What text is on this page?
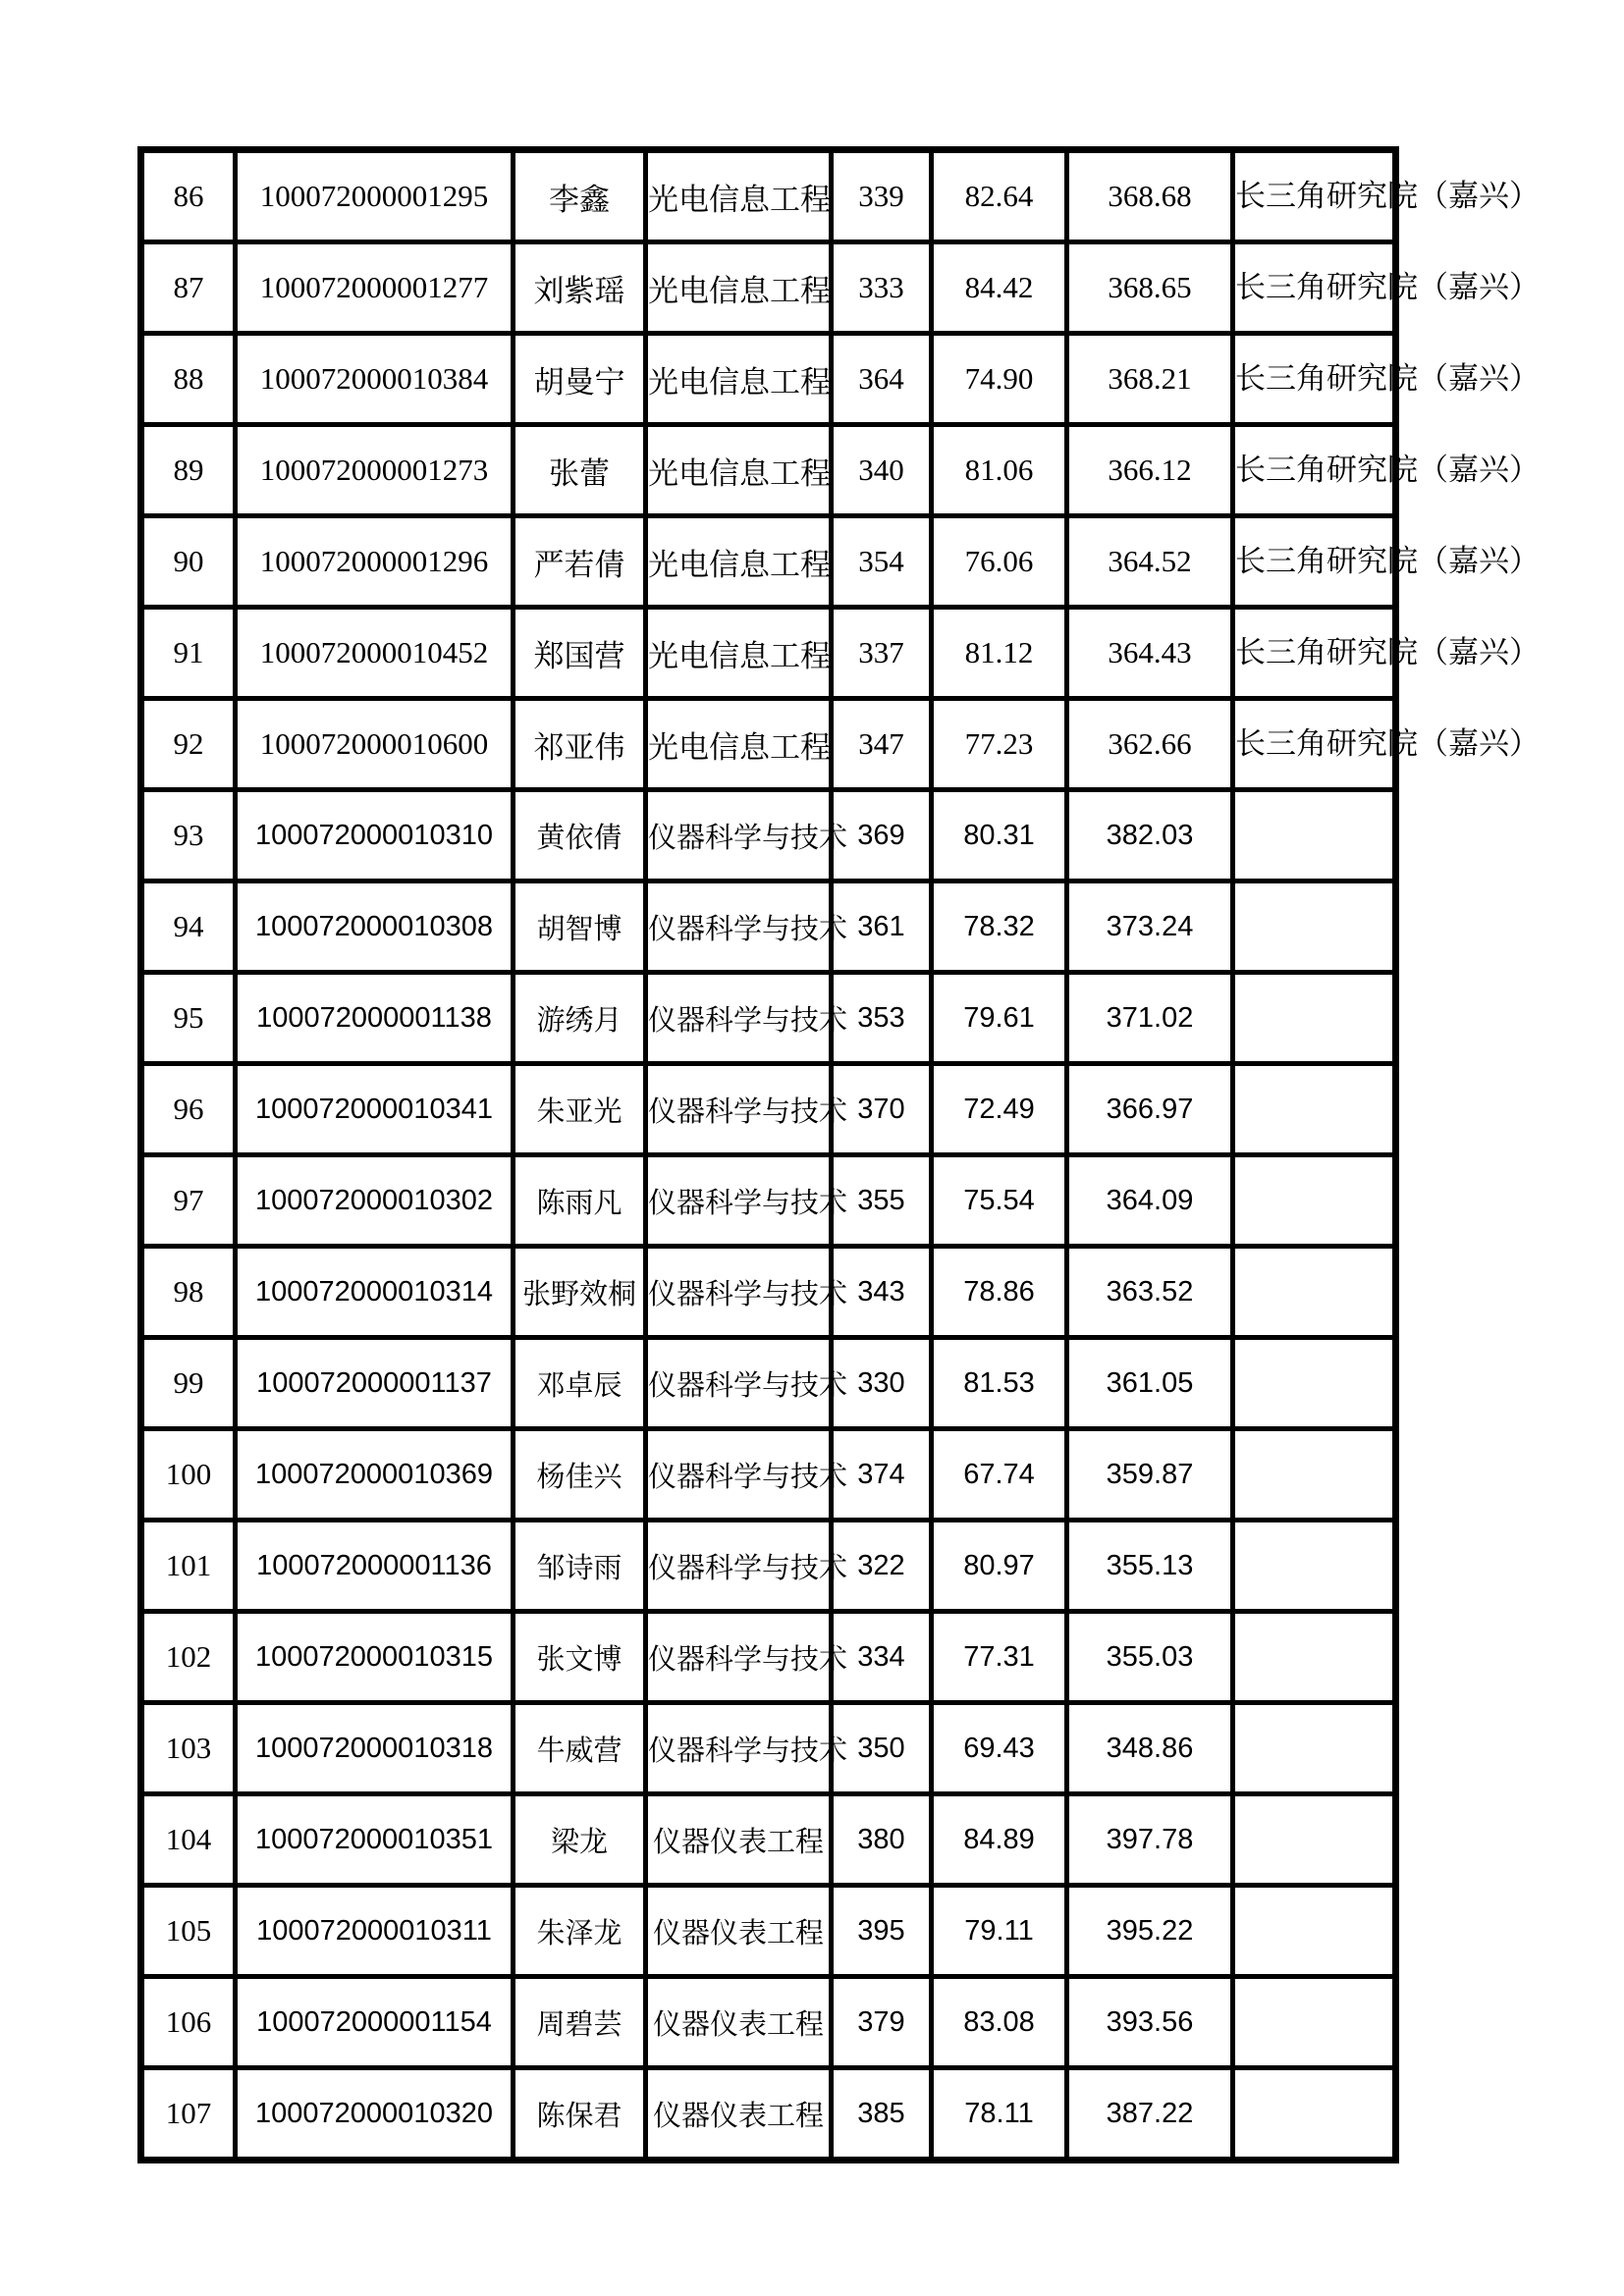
86	100072000001295	李鑫	光电信息工程	339	82.64	368.68	长三角研究院（嘉兴）
87	100072000001277	刘紫瑶	光电信息工程	333	84.42	368.65	长三角研究院（嘉兴）
88	100072000010384	胡曼宁	光电信息工程	364	74.90	368.21	长三角研究院（嘉兴）
89	100072000001273	张蕾	光电信息工程	340	81.06	366.12	长三角研究院（嘉兴）
90	100072000001296	严若倩	光电信息工程	354	76.06	364.52	长三角研究院（嘉兴）
91	100072000010452	郑国营	光电信息工程	337	81.12	364.43	长三角研究院（嘉兴）
92	100072000010600	祁亚伟	光电信息工程	347	77.23	362.66	长三角研究院（嘉兴）
93	100072000010310	黄依倩	仪器科学与技术	369	80.31	382.03	
94	100072000010308	胡智博	仪器科学与技术	361	78.32	373.24	
95	100072000001138	游绣月	仪器科学与技术	353	79.61	371.02	
96	100072000010341	朱亚光	仪器科学与技术	370	72.49	366.97	
97	100072000010302	陈雨凡	仪器科学与技术	355	75.54	364.09	
98	100072000010314	张野效桐	仪器科学与技术	343	78.86	363.52	
99	100072000001137	邓卓辰	仪器科学与技术	330	81.53	361.05	
100	100072000010369	杨佳兴	仪器科学与技术	374	67.74	359.87	
101	100072000001136	邹诗雨	仪器科学与技术	322	80.97	355.13	
102	100072000010315	张文博	仪器科学与技术	334	77.31	355.03	
103	100072000010318	牛威营	仪器科学与技术	350	69.43	348.86	
104	100072000010351	梁龙	仪器仪表工程	380	84.89	397.78	
105	100072000010311	朱泽龙	仪器仪表工程	395	79.11	395.22	
106	100072000001154	周碧芸	仪器仪表工程	379	83.08	393.56	
107	100072000010320	陈保君	仪器仪表工程	385	78.11	387.22	
